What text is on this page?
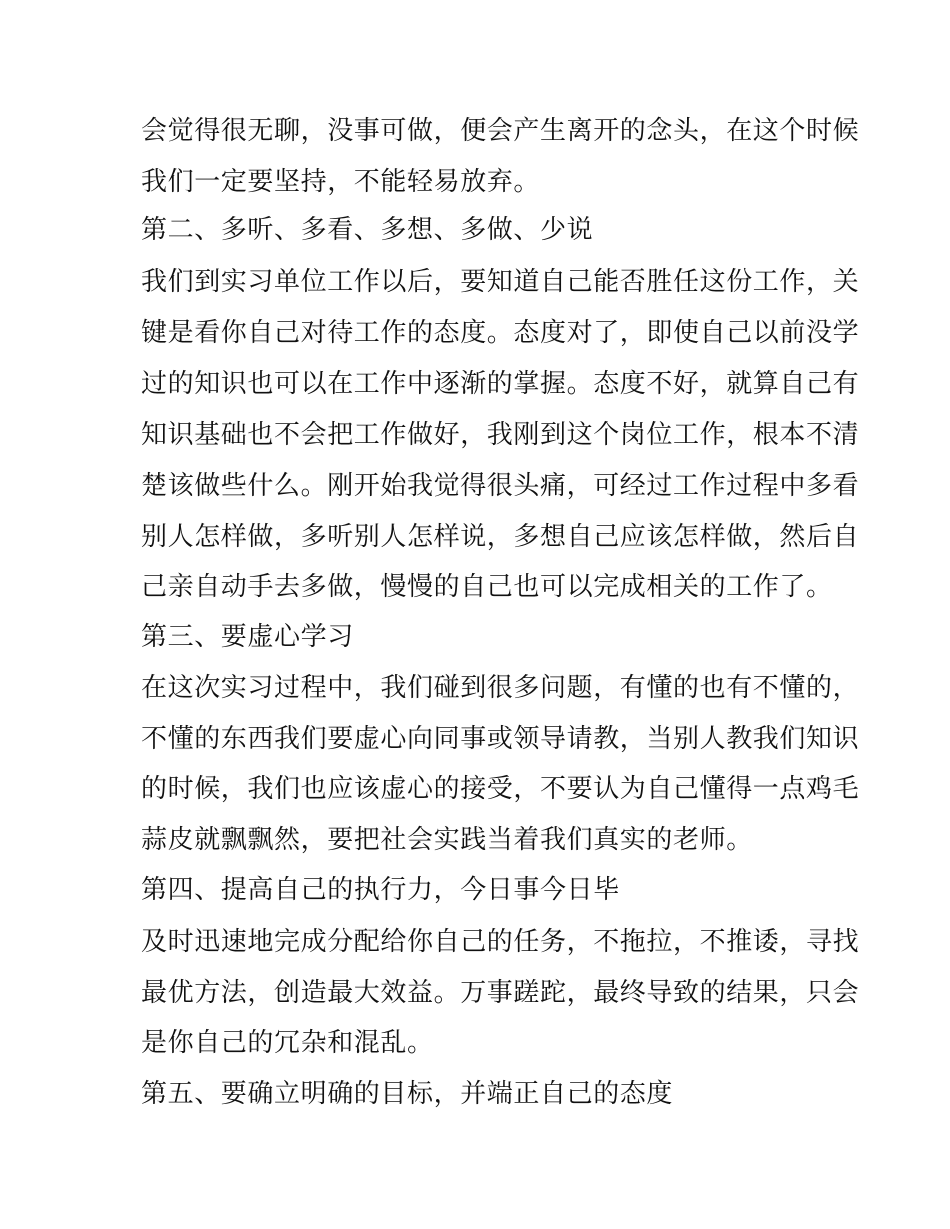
会觉得很无聊，没事可做，便会产生离开的念头，在这个时候
我们一定要坚持，不能轻易放弃。
第二、多听、多看、多想、多做、少说
我们到实习单位工作以后，要知道自己能否胜任这份工作，关
键是看你自己对待工作的态度。态度对了，即使自己以前没学
过的知识也可以在工作中逐渐的掌握。态度不好，就算自己有
知识基础也不会把工作做好，我刚到这个岗位工作，根本不清
楚该做些什么。刚开始我觉得很头痛，可经过工作过程中多看
别人怎样做，多听别人怎样说，多想自己应该怎样做，然后自
己亲自动手去多做，慢慢的自己也可以完成相关的工作了。
第三、要虚心学习
在这次实习过程中，我们碰到很多问题，有懂的也有不懂的，
不懂的东西我们要虚心向同事或领导请教，当别人教我们知识
的时候，我们也应该虚心的接受，不要认为自己懂得一点鸡毛
蒜皮就飘飘然，要把社会实践当着我们真实的老师。
第四、提高自己的执行力，今日事今日毕
及时迅速地完成分配给你自己的任务，不拖拉，不推诿，寻找
最优方法，创造最大效益。万事蹉跎，最终导致的结果，只会
是你自己的冗杂和混乱。
第五、要确立明确的目标，并端正自己的态度
